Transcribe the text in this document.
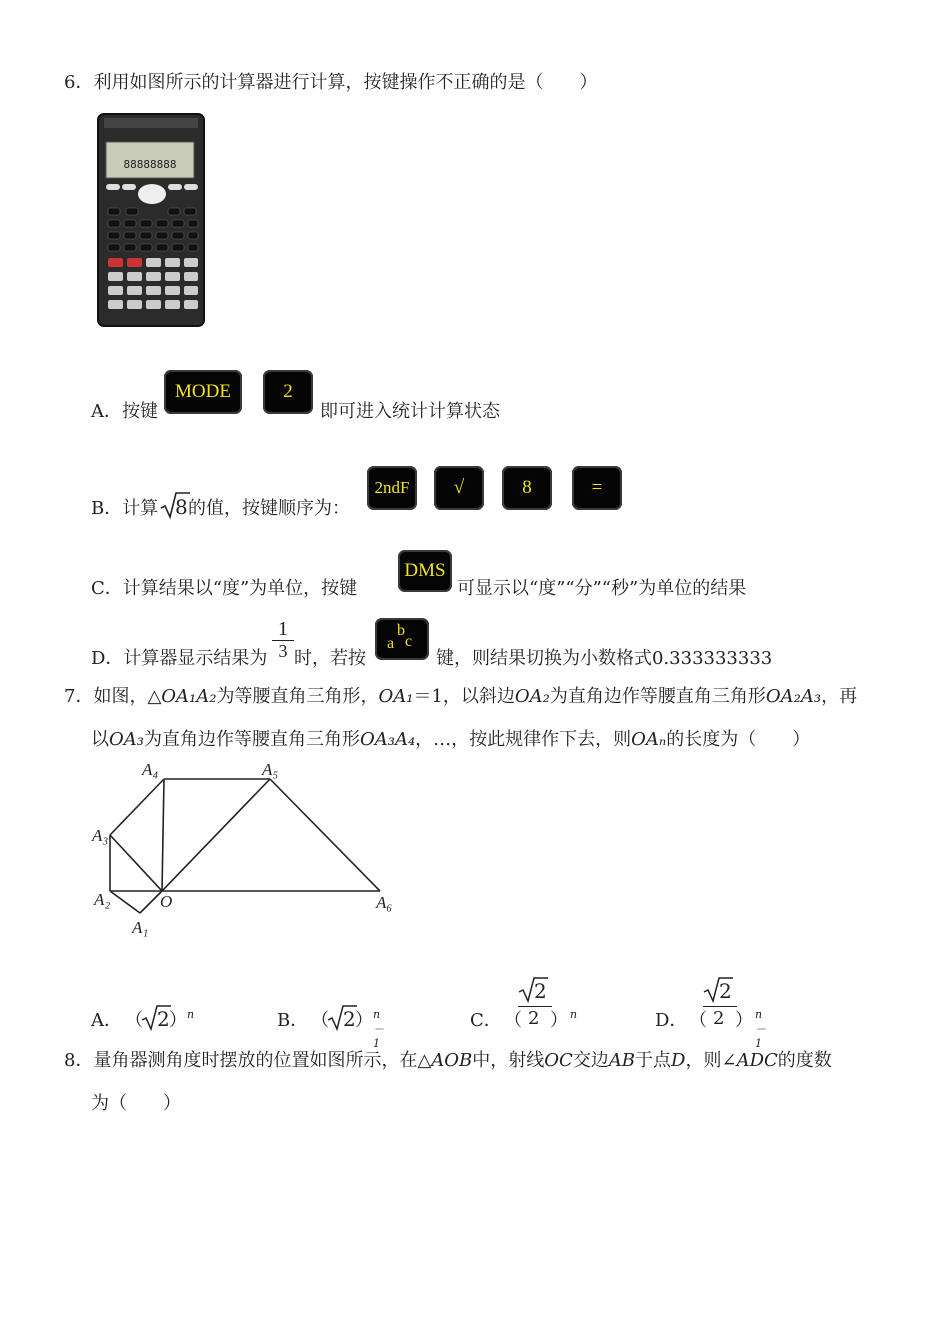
6．利用如图所示的计算器进行计算，按键操作不正确的是（　　）
88888888
A．按键
MODE	2
即可进入统计计算状态
B．计算 8 的值，按键顺序为：
2ndF	√	8	=
C．计算结果以“度”为单位，按键
DMS
可显示以“度”“分”“秒”为单位的结果
D．计算器显示结果为 $\frac{1}{3}$ 时，若按
a
b
c
键，则结果切换为小数格式0.333333333
7．如图，△OA₁A₂为等腰直角三角形，OA₁＝1，以斜边OA₂为直角边作等腰直角三角形OA₂A₃，再
以OA₃为直角边作等腰直角三角形OA₃A₄，…，按此规律作下去，则OAₙ的长度为（　　）
A₄	A₅
A₃
A₂	O
A₁
A₆
A． （ 2 ） n	B． （ 2 ） n－1
C． （
2
2 ） n	D． （
2
2 ） n－1
8．量角器测角度时摆放的位置如图所示，在△AOB中，射线OC交边AB于点D，则∠ADC的度数
为（　　）
